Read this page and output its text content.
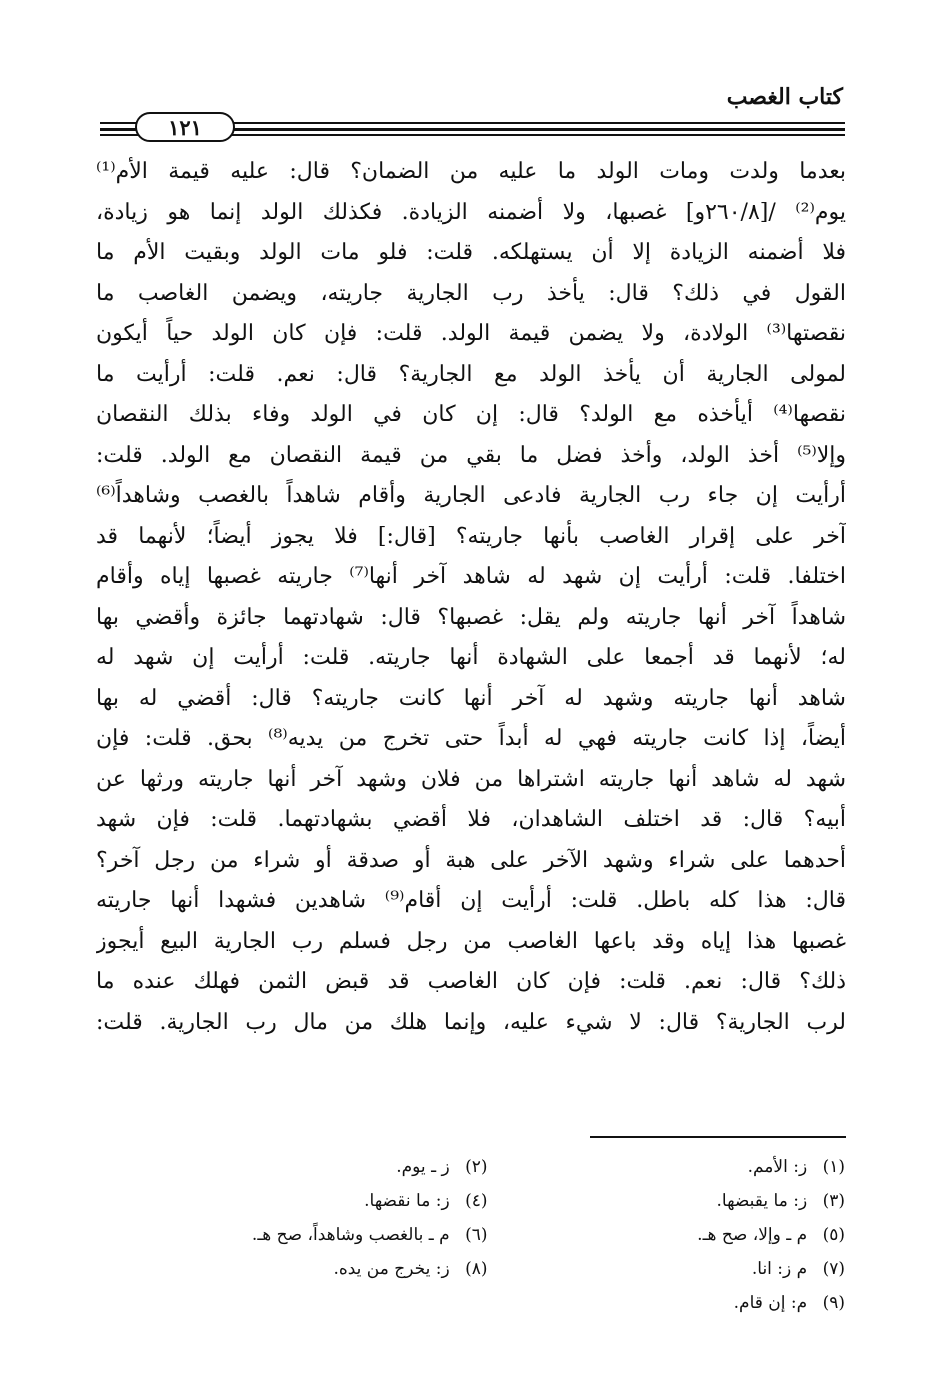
كتاب الغصب
١٢١
بعدما ولدت ومات الولد ما عليه من الضمان؟ قال: عليه قيمة الأم⁽¹⁾
يوم⁽²⁾ /[٢٦٠/٨و] غصبها، ولا أضمنه الزيادة. فكذلك الولد إنما هو زيادة،
فلا أضمنه الزيادة إلا أن يستهلكه. قلت: فلو مات الولد وبقيت الأم ما
القول في ذلك؟ قال: يأخذ رب الجارية جاريته، ويضمن الغاصب ما
نقصتها⁽³⁾ الولادة، ولا يضمن قيمة الولد. قلت: فإن كان الولد حياً أيكون
لمولى الجارية أن يأخذ الولد مع الجارية؟ قال: نعم. قلت: أرأيت ما
نقصها⁽⁴⁾ أيأخذه مع الولد؟ قال: إن كان في الولد وفاء بذلك النقصان
وإلا⁽⁵⁾ أخذ الولد، وأخذ فضل ما بقي من قيمة النقصان مع الولد. قلت:
أرأيت إن جاء رب الجارية فادعى الجارية وأقام شاهداً بالغصب وشاهداً⁽⁶⁾
آخر على إقرار الغاصب بأنها جاريته؟ [قال:] فلا يجوز أيضاً؛ لأنهما قد
اختلفا. قلت: أرأيت إن شهد له شاهد آخر أنها⁽⁷⁾ جاريته غصبها إياه وأقام
شاهداً آخر أنها جاريته ولم يقل: غصبها؟ قال: شهادتهما جائزة وأقضي بها
له؛ لأنهما قد أجمعا على الشهادة أنها جاريته. قلت: أرأيت إن شهد له
شاهد أنها جاريته وشهد له آخر أنها كانت جاريته؟ قال: أقضي له بها
أيضاً، إذا كانت جاريته فهي له أبداً حتى تخرج من يديه⁽⁸⁾ بحق. قلت: فإن
شهد له شاهد أنها جاريته اشتراها من فلان وشهد آخر أنها جاريته ورثها عن
أبيه؟ قال: قد اختلف الشاهدان، فلا أقضي بشهادتهما. قلت: فإن شهد
أحدهما على شراء وشهد الآخر على هبة أو صدقة أو شراء من رجل آخر؟
قال: هذا كله باطل. قلت: أرأيت إن أقام⁽⁹⁾ شاهدين فشهدا أنها جاريته
غصبها هذا إياه وقد باعها الغاصب من رجل فسلم رب الجارية البيع أيجوز
ذلك؟ قال: نعم. قلت: فإن كان الغاصب قد قبض الثمن فهلك عنده ما
لرب الجارية؟ قال: لا شيء عليه، وإنما هلك من مال رب الجارية. قلت:
(١) ز: الأمم.
(٢) ز ـ يوم.
(٣) ز: ما يقبضها.
(٤) ز: ما نقضها.
(٥) م ـ وإلا، صح هـ.
(٦) م ـ بالغصب وشاهداً، صح هـ.
(٧) م ز: انا.
(٨) ز: يخرج من يده.
(٩) م: إن قام.
